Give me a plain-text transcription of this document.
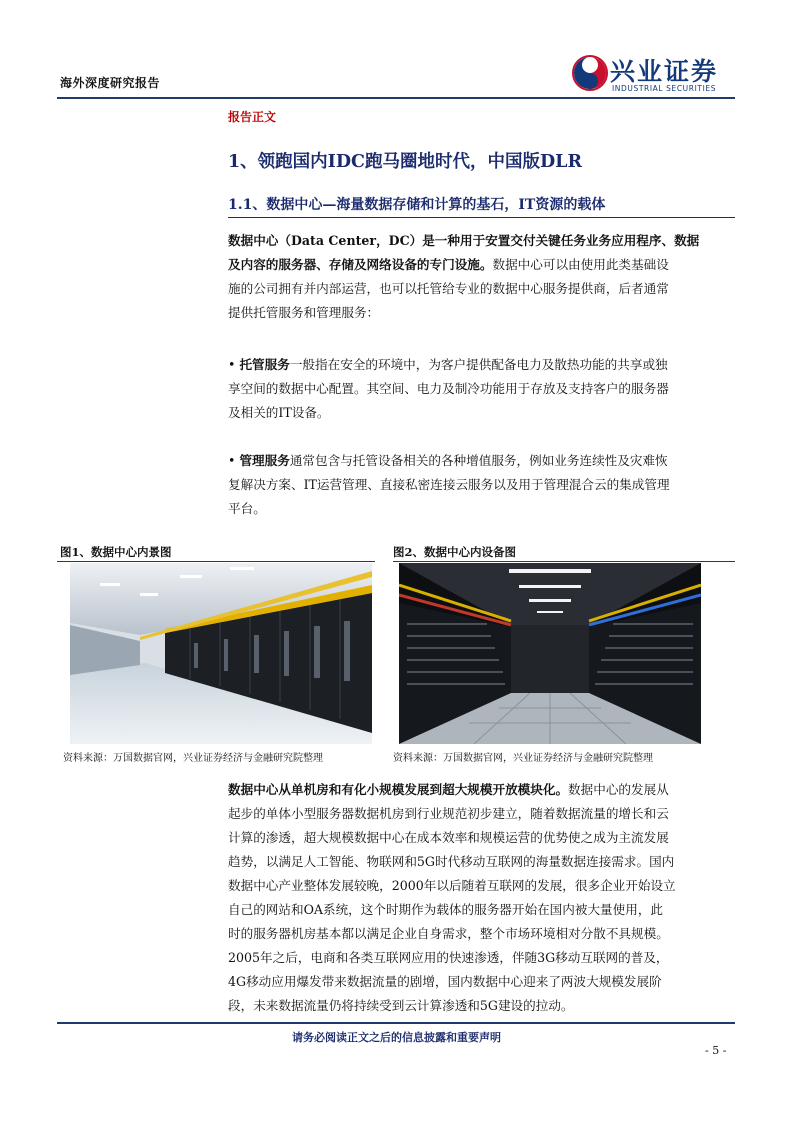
海外深度研究报告	兴业证券
INDUSTRIAL SECURITIES
报告正文
1、领跑国内IDC跑马圈地时代，中国版DLR
1.1、数据中心—海量数据存储和计算的基石，IT资源的载体
数据中心（Data Center，DC）是一种用于安置交付关键任务业务应用程序、数据
及内容的服务器、存储及网络设备的专门设施。数据中心可以由使用此类基础设
施的公司拥有并内部运营，也可以托管给专业的数据中心服务提供商，后者通常
提供托管服务和管理服务：
• 托管服务一般指在安全的环境中，为客户提供配备电力及散热功能的共享或独
享空间的数据中心配置。其空间、电力及制冷功能用于存放及支持客户的服务器
及相关的IT设备。
• 管理服务通常包含与托管设备相关的各种增值服务，例如业务连续性及灾难恢
复解决方案、IT运营管理、直接私密连接云服务以及用于管理混合云的集成管理
平台。
图1、数据中心内景图
资料来源：万国数据官网，兴业证券经济与金融研究院整理
图2、数据中心内设备图
资料来源：万国数据官网，兴业证券经济与金融研究院整理
数据中心从单机房和有化小规模发展到超大规模开放模块化。数据中心的发展从
起步的单体小型服务器数据机房到行业规范初步建立，随着数据流量的增长和云
计算的渗透，超大规模数据中心在成本效率和规模运营的优势使之成为主流发展
趋势，以满足人工智能、物联网和5G时代移动互联网的海量数据连接需求。国内
数据中心产业整体发展较晚，2000年以后随着互联网的发展，很多企业开始设立
自己的网站和OA系统，这个时期作为载体的服务器开始在国内被大量使用，此
时的服务器机房基本都以满足企业自身需求，整个市场环境相对分散不具规模。
2005年之后，电商和各类互联网应用的快速渗透，伴随3G移动互联网的普及，
4G移动应用爆发带来数据流量的剧增，国内数据中心迎来了两波大规模发展阶
段，未来数据流量仍将持续受到云计算渗透和5G建设的拉动。
请务必阅读正文之后的信息披露和重要声明
- 5 -
